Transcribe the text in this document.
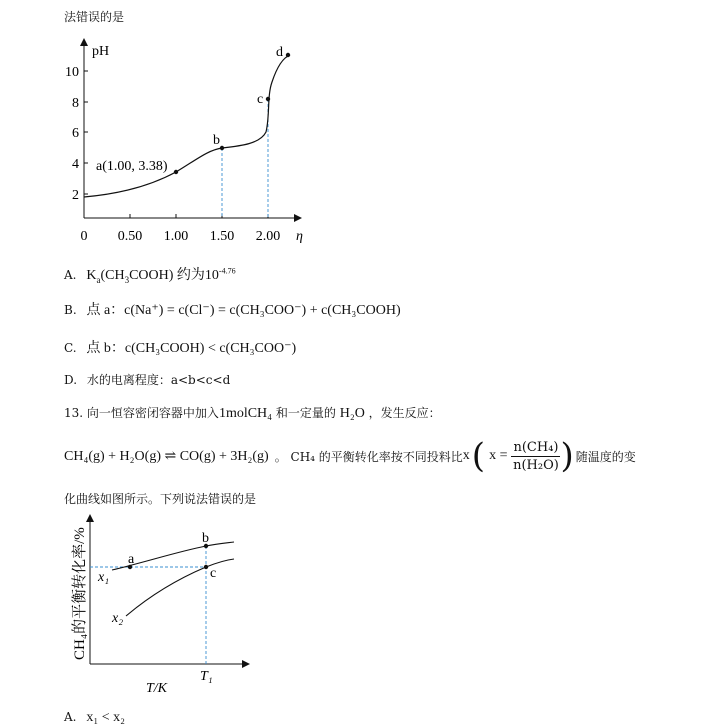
法错误的是
2
4
6
8
10
pH
0 0.50 1.00 1.50 2.00 η
a(1.00, 3.38)
b
c
d
A. $K_a(CH_3COOH)$ 约为$10^{-4.76}$
B. 点 a：c(Na⁺) = c(Cl⁻) = c(CH₃COO⁻) + c(CH₃COOH)
C. 点 b：c(CH₃COOH) < c(CH₃COO⁻)
D. 水的电离程度：a<b<c<d
13. 向一恒容密闭容器中加入1molCH₄ 和一定量的 H₂O ，发生反应：
CH₄(g) + H₂O(g) ⇌ CO(g) + 3H₂(g) 。 CH₄ 的平衡转化率按不同投料比 x ( $x = \frac{\text{n(CH₄)}}{\text{n(H₂O)}}$ ) 随温度的变
化曲线如图所示。下列说法错误的是
CH₄的平衡转化率/%	a
b
c
x₁
x₂
T₁
T/K
A. x₁ < x₂
